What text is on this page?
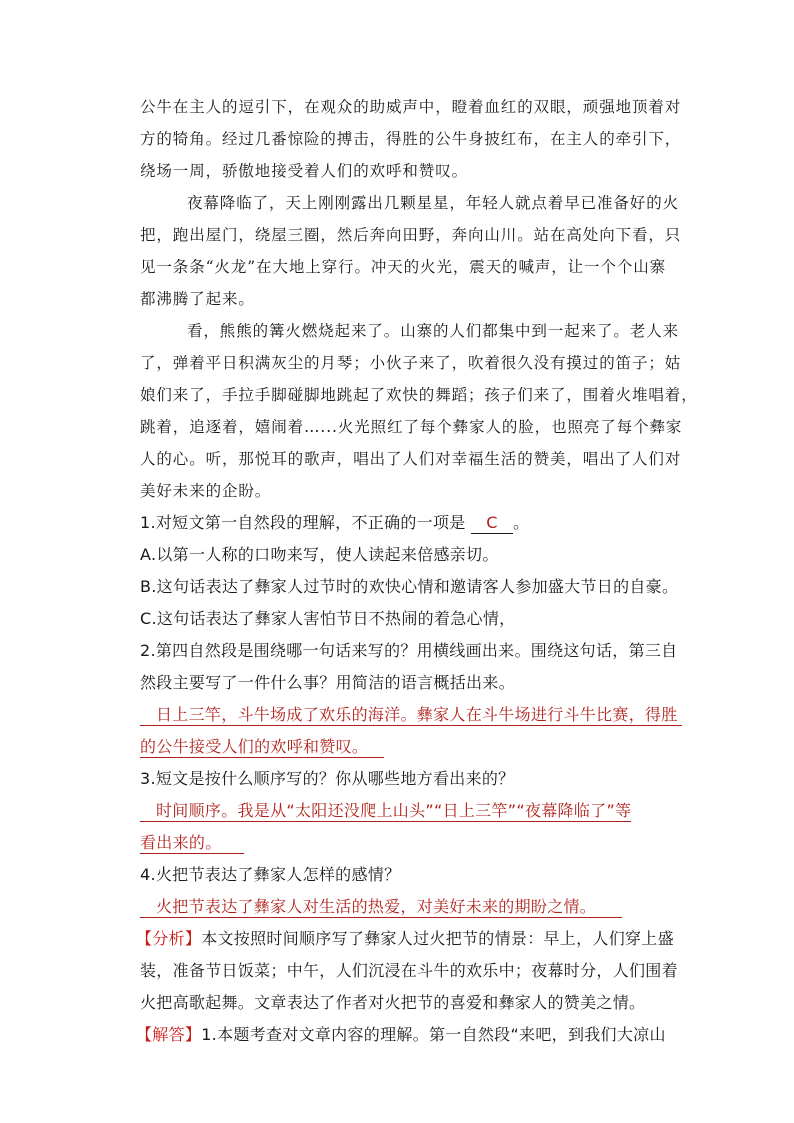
公牛在主人的逗引下，在观众的助威声中，瞪着血红的双眼，顽强地顶着对
方的犄角。经过几番惊险的搏击，得胜的公牛身披红布，在主人的牵引下，
绕场一周，骄傲地接受着人们的欢呼和赞叹。
夜幕降临了，天上刚刚露出几颗星星，年轻人就点着早已准备好的火
把，跑出屋门，绕屋三圈，然后奔向田野，奔向山川。站在高处向下看，只
见一条条“火龙”在大地上穿行。冲天的火光，震天的喊声，让一个个山寨
都沸腾了起来。
看，熊熊的篝火燃烧起来了。山寨的人们都集中到一起来了。老人来
了，弹着平日积满灰尘的月琴；小伙子来了，吹着很久没有摸过的笛子；姑
娘们来了，手拉手脚碰脚地跳起了欢快的舞蹈；孩子们来了，围着火堆唱着，
跳着，追逐着，嬉闹着…...火光照红了每个彝家人的脸，也照亮了每个彝家
人的心。听，那悦耳的歌声，唱出了人们对幸福生活的赞美，唱出了人们对
美好未来的企盼。
1.对短文第一自然段的理解，不正确的一项是 C 。
A.以第一人称的口吻来写，使人读起来倍感亲切。
B.这句话表达了彝家人过节时的欢快心情和邀请客人参加盛大节日的自豪。
C.这句话表达了彝家人害怕节日不热闹的着急心情，
2.第四自然段是围绕哪一句话来写的？用横线画出来。围绕这句话，第三自
然段主要写了一件什么事？用简洁的语言概括出来。
日上三竿，斗牛场成了欢乐的海洋。彝家人在斗牛场进行斗牛比赛，得胜
的公牛接受人们的欢呼和赞叹。
3.短文是按什么顺序写的？你从哪些地方看出来的？
时间顺序。我是从“太阳还没爬上山头”“日上三竿”“夜幕降临了”等
看出来的。
4.火把节表达了彝家人怎样的感情？
火把节表达了彝家人对生活的热爱，对美好未来的期盼之情。
【分析】本文按照时间顺序写了彝家人过火把节的情景：早上，人们穿上盛
装，准备节日饭菜；中午，人们沉浸在斗牛的欢乐中；夜幕时分，人们围着
火把高歌起舞。文章表达了作者对火把节的喜爱和彝家人的赞美之情。
【解答】1.本题考查对文章内容的理解。第一自然段“来吧，到我们大凉山
